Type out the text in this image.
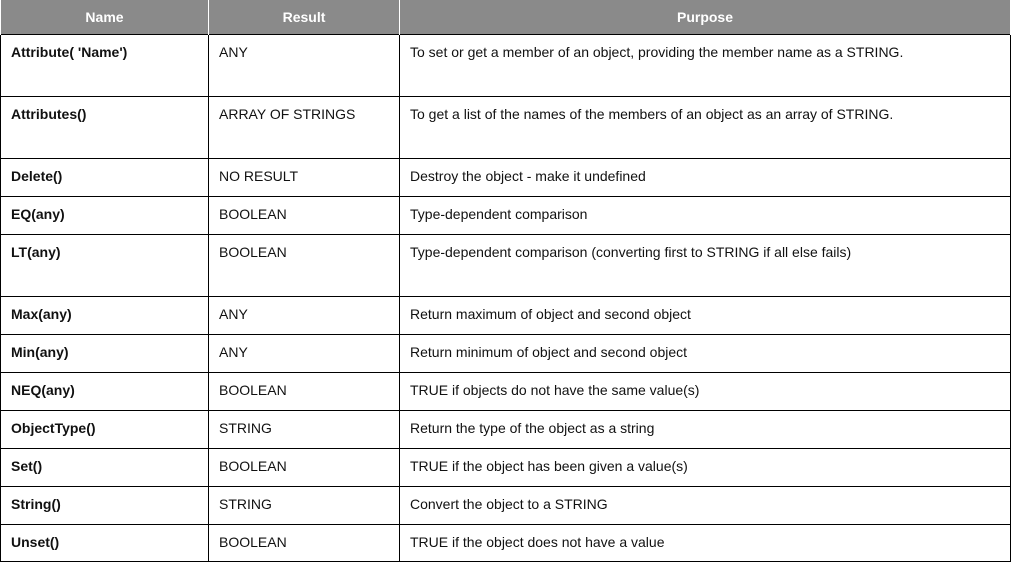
Name	Result	Purpose
Attribute( 'Name')	ANY	To set or get a member of an object, providing the member name as a STRING.
Attributes()	ARRAY OF STRINGS	To get a list of the names of the members of an object as an array of STRING.
Delete()	NO RESULT	Destroy the object - make it undefined
EQ(any)	BOOLEAN	Type-dependent comparison
LT(any)	BOOLEAN	Type-dependent comparison (converting first to STRING if all else fails)
Max(any)	ANY	Return maximum of object and second object
Min(any)	ANY	Return minimum of object and second object
NEQ(any)	BOOLEAN	TRUE if objects do not have the same value(s)
ObjectType()	STRING	Return the type of the object as a string
Set()	BOOLEAN	TRUE if the object has been given a value(s)
String()	STRING	Convert the object to a STRING
Unset()	BOOLEAN	TRUE if the object does not have a value
